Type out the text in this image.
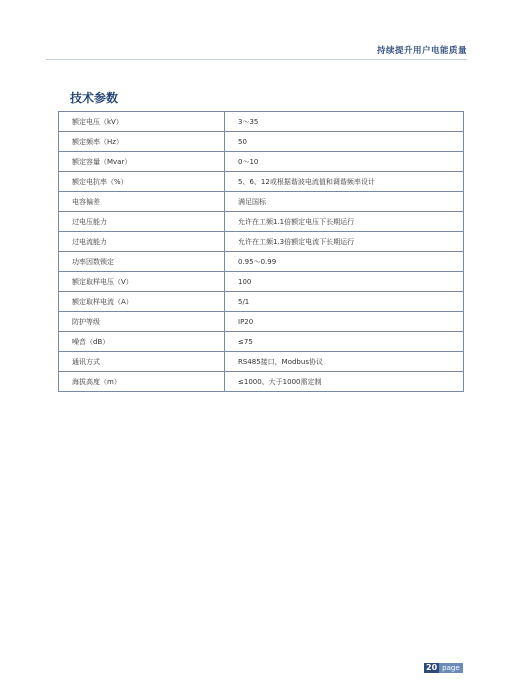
持续提升用户电能质量
技术参数
额定电压（kV）	3～35
额定频率（Hz）	50
额定容量（Mvar）	0～10
额定电抗率（%）	5、6、12或根据谐波电流值和调谐频率设计
电容偏差	满足国标
过电压能力	允许在工频1.1倍额定电压下长期运行
过电流能力	允许在工频1.3倍额定电流下长期运行
功率因数锁定	0.95～0.99
额定取样电压（V）	100
额定取样电流（A）	5/1
防护等级	IP20
噪音（dB）	≤75
通讯方式	RS485接口，Modbus协议
海拔高度（m）	≤1000、大于1000需定制
20 page
